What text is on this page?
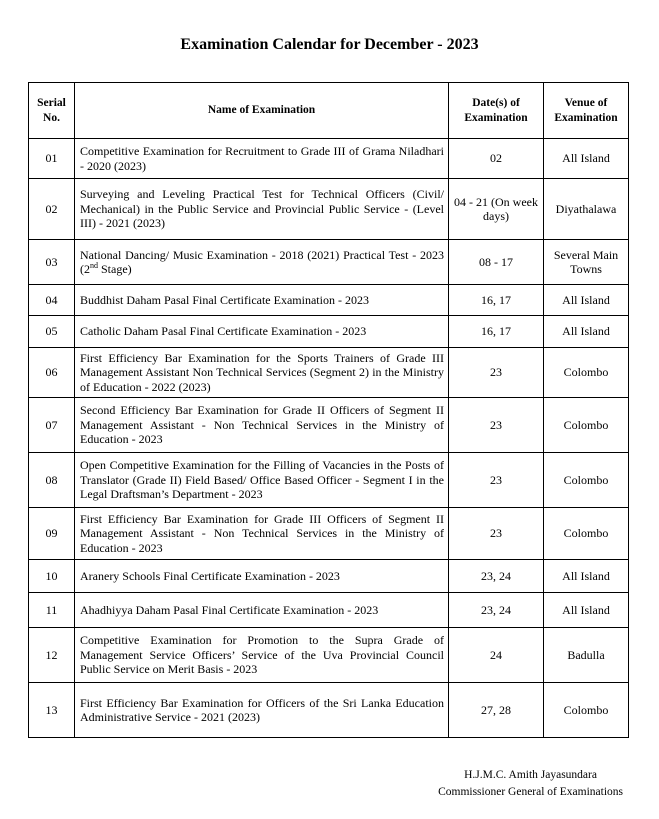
Examination Calendar for December - 2023
Serial No.	Name of Examination	Date(s) of Examination	Venue of Examination
01	Competitive Examination for Recruitment to Grade III of Grama Niladhari - 2020 (2023)	02	All Island
02	Surveying and Leveling Practical Test for Technical Officers (Civil/ Mechanical) in the Public Service and Provincial Public Service - (Level III) - 2021 (2023)	04 - 21 (On week days)	Diyathalawa
03	National Dancing/ Music Examination - 2018 (2021) Practical Test - 2023 (2nd Stage)	08 - 17	Several Main Towns
04	Buddhist Daham Pasal Final Certificate Examination - 2023	16, 17	All Island
05	Catholic Daham Pasal Final Certificate Examination - 2023	16, 17	All Island
06	First Efficiency Bar Examination for the Sports Trainers of Grade III Management Assistant Non Technical Services (Segment 2) in the Ministry of Education - 2022 (2023)	23	Colombo
07	Second Efficiency Bar Examination for Grade II Officers of Segment II Management Assistant - Non Technical Services in the Ministry of Education - 2023	23	Colombo
08	Open Competitive Examination for the Filling of Vacancies in the Posts of Translator (Grade II) Field Based/ Office Based Officer - Segment I in the Legal Draftsman’s Department - 2023	23	Colombo
09	First Efficiency Bar Examination for Grade III Officers of Segment II Management Assistant - Non Technical Services in the Ministry of Education - 2023	23	Colombo
10	Aranery Schools Final Certificate Examination - 2023	23, 24	All Island
11	Ahadhiyya Daham Pasal Final Certificate Examination - 2023	23, 24	All Island
12	Competitive Examination for Promotion to the Supra Grade of Management Service Officers’ Service of the Uva Provincial Council Public Service on Merit Basis - 2023	24	Badulla
13	First Efficiency Bar Examination for Officers of the Sri Lanka Education Administrative Service - 2021 (2023)	27, 28	Colombo
H.J.M.C. Amith Jayasundara
Commissioner General of Examinations
